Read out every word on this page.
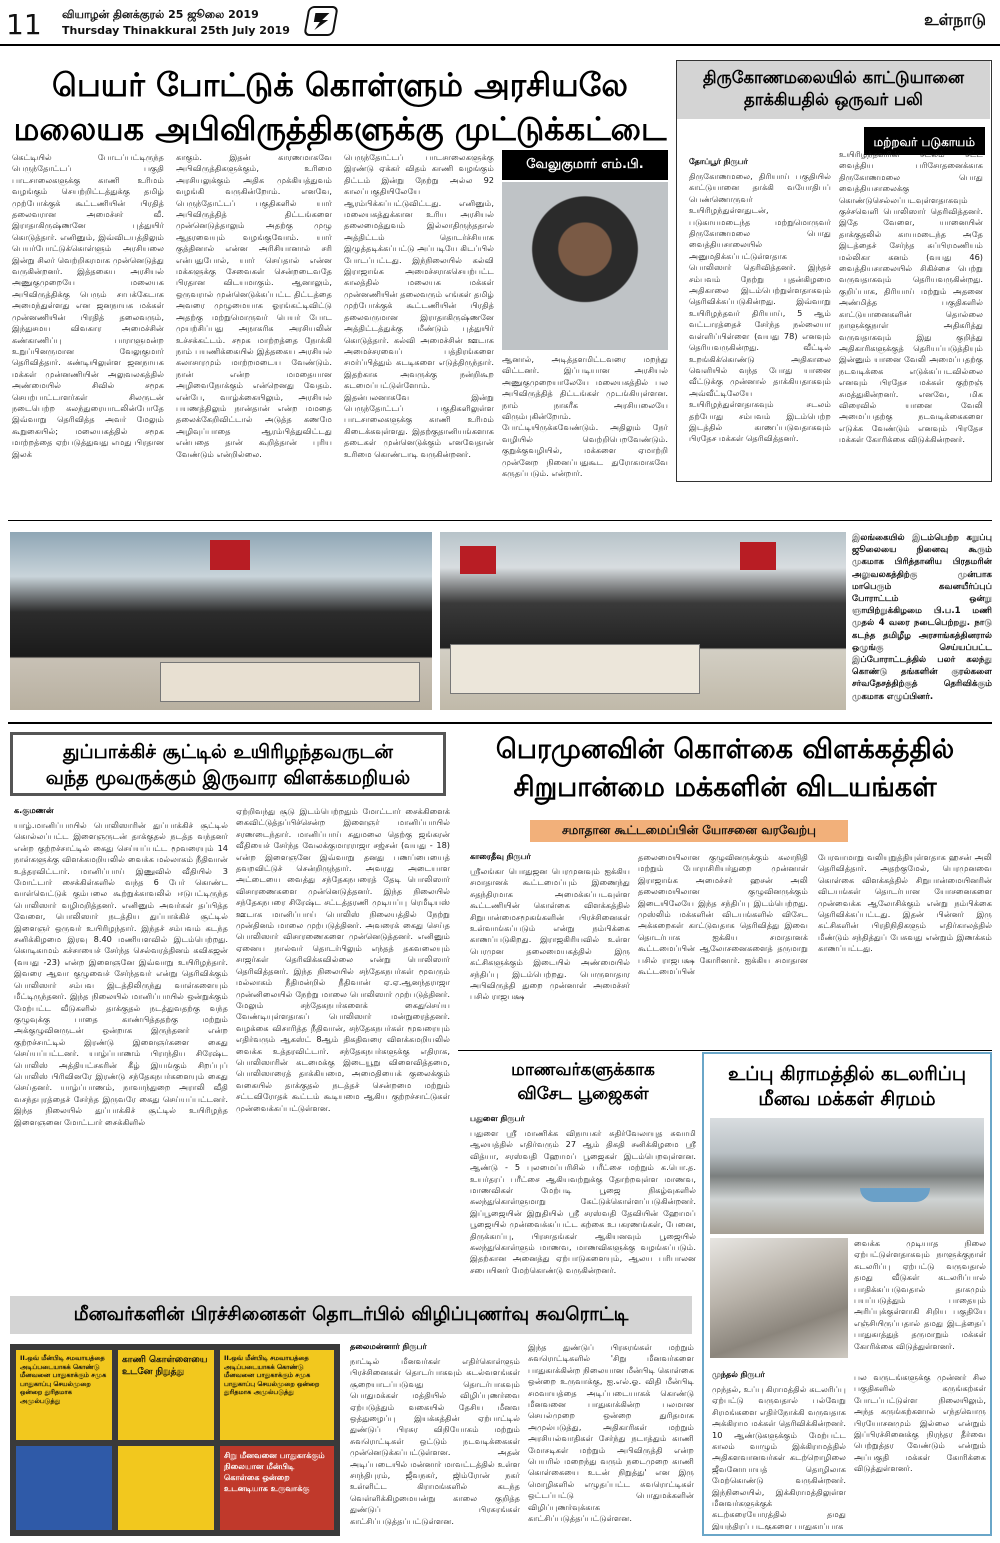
11 வியாழன் தினக்குரல் 25 ஜூலை 2019
Thursday Thinakkural 25th July 2019
உள்நாடு
பெயர் போட்டுக் கொள்ளும் அரசியலே
மலையக அபிவிருத்திகளுக்கு முட்டுக்கட்டை
கெட்டியில் போடப்பட்டிருந்த பெருந்தோட்டப் பகுதி பாடசாலைகளுக்கு காணி உரிமம் வழங்கும் செயற்றிட்டத்துக்கு தமிழ் முற்போக்குக் கூட்டணியின் பிரதித் தலைவரான அமைச்சர் வீ. இராதாகிருஷ்ணனே புத்துயிர் கொடுத்தார். எனினும், இவ்விடயத்திலும் பெயர்போட்டுக்கொள்ளும் அரசியலை இன்று சிலர் வெற்றிகரமாக முன்னெடுத்து வருகின்றனர். இத்தகைய அரசியல் அணுகுமுறையே மலையக அபிவிருத்திக்கு பெரும் சாபக்கேடாக அமைந்துள்ளது என ஜனநாயக மக்கள் முன்னணியின் பிரதித் தலைவரும், இந்துசமய விவகார அமைச்சின் கண்காணிப்பு பாராளுமன்ற உறுப்பினருமான வேலுகுமார் தெரிவித்தார். கண்டியிலுள்ள ஜனநாயக மக்கள் முன்னணியின் அலுவலகத்தில் அண்மையில் சிவில் சமூக செயற்பாட்டாளர்கள் சிலருடன் நடைபெற்ற கலந்துரையாடலின்போதே இவ்வாறு தெரிவித்த அவர் மேலும் கூறுகையில்; மலையகத்தில் சமூக மாற்றத்தை ஏற்படுத்துவது எமது பிரதான இலக்
காகும். இதன் காரணமாகவே அபிவிருத்திகளுக்கும், உரிமை அரசியலுக்கும் அதிக முக்கியத்துவம் வழங்கி வருகின்றோம். எனவே, பெருந்தோட்டப் பகுதிகளில் யார் அபிவிருத்தித் திட்டங்களை முன்னெடுத்தாலும் அதற்கு முழு ஆதரவையும் வழங்குவோம். யார் குத்தினால் என்ன அரிசியானால் சரி என்பதுபோல், யார் செய்தால் என்ன மக்களுக்கு சேவைகள் சென்றடைவதே பிரதான விடயமாகும். ஆனாலும், ஒருவரால் முன்னெடுக்கப்பட்ட திட்டத்தை அவரை முழுமையாக ஓரங்கட்டிவிட்டு அதற்கு மற்றுமொருவர் பெயர் போட முயற்சிப்பது அநாகரிக அரசியலின் உச்சக்கட்டம். சமூக மாற்றத்தை நோக்கி நாம் பயணிக்கையில் இத்தகைய அரசியல் கலாசாரமும் மாற்றமடைய வேண்டும். நான் என்ற மமதையான அழிவைநோக்கும் என்றெனது வேதம். என்பே, வாழ்க்கையிலும், அரசியல் பயணத்திலும் நான்தான் என்ற மமதை தலைக்கேறிவிட்டால் அடுத்த கணமே அழிவுப்பாதை ஆரம்பித்துவிட்டது என்பதை தான் கூறித்தான் புரிய வேண்டும் என்றில்லை.
பெருந்தோட்டப் பாடசாலைகளுக்கு இரண்டு ஏக்கர் விதம் காணி வழங்கும் திட்டம் இன்று நேற்று அல்ல 92 காலப்பகுதியிலேயே ஆரம்பிக்கப்பட்டுவிட்டது. எனினும், மலையகத்துக்கான உரிய அரசியல் தலைமைத்துவம் இல்லாதிருந்ததால் அத்திட்டம் தொடர்ச்சியாக இழுத்தடிக்கப்பட்டு அப்படியே கிடப்பில் போடப்பட்டது. இந்நிலையில் கல்வி இராஜாங்க அமைச்சராகசெயற்பட்ட காலத்தில் மலையக மக்கள் முன்னணியின் தலைவரும் எங்கள் தமிழ் முற்போக்குக் கூட்டணியின் பிரதித் தலைவருமான இராதாகிருஷ்ணனே அத்திட்டத்துக்கு மீண்டும் புத்துயிர் கொடுத்தார். கல்வி அமைச்சின் ஊடாக அமைச்சரவைப் பத்திரங்களை சமர்ப்பித்தும் கடடிகளை எடுத்திருந்தார். இதற்காக அவருக்கு நன்றிகூற கடமைப்பட்டுள்ளோம். இதன்பலனாகவே இன்று பெருந்தோட்டப் பகுதிகளிலுள்ள பாடசாலைகளுக்கு காணி உரிமம் கிடைக்கவுள்ளது. இதற்குதானியங்களாக தடைகள் முன்னெடுக்கும் எனவேதான் உரிமை கொண்டாடி வருகின்றனர்.
வேலுகுமார் எம்.பி.
ஆனால், அடித்தளமிட்டவரை மறந்து விட்டனர். இப்படியான அரசியல் அணுகுமுறையாலேயே மலையகத்தில் பல அபிவிருத்தித் திட்டங்கள் முடங்கியுள்ளன. நாம் நாகரீக அரசியலையே விரும்புகின்றோம். போட்டியிருக்கவேண்டும். அதிலும் நேர் வழியில் வெற்றிபெறவேண்டும். குறுக்குவழியில், மக்களை ஏமாற்றி முன்னேற நினைப்பதுகூட துரோகமாகவே கருதப்படும். என்றார்.
திருகோணமலையில் காட்டுயானை தாக்கியதில் ஒருவர் பலி
மற்றவர் படுகாயம்
தோப்பூர் நிருபர்
திருகோணமலை, திரியாய் பகுதியில் காட்டுயானை தாக்கி வயோதிபப் பெண்ணொருவர் உயிரிழந்துள்ளதுடன், படுகாயமடைந்த மற்றுமொருவர் திருகோணமலை பொது வைத்தியசாலையில் அனுமதிக்கப்பட்டுள்ளதாக பொலிஸார் தெரிவித்தனர். இந்தச் சம்பவம் நேற்று புதன்கிழமை அதிகாலை இடம்பெற்றுள்ளதாகவும் தெரிவிக்கப்படுகின்றது. இவ்வாறு உயிரிழந்தவர் திரியாய், 5 ஆம் வட்டாரத்தைச் சேர்ந்த நல்லையா வள்ளிப்பிள்ளை (வயது 78) எனவும் தெரியவருகின்றது. வீட்டில் உறங்கிக்கொண்டு அதிகாலை வெளியில் வந்த போது யானை வீட்டுக்கு முன்னால் தாக்கியதாகவும் அவ்வீட்டிலேயே உயிரிழந்துள்ளதாகவும் சடலம் தற்போது சம்பவம் இடம்பெற்ற இடத்தில் காணப்படுவதாகவும் பிரதேச மக்கள் தெரிவித்தனர்.
உயிரிழந்தவரின் சடலம் சட்ட வைத்திய பரிசோதனைக்காக திருகோணமலை பொது வைத்தியசாலைக்கு கொண்டுசெல்லப்படவுள்ளதாகவும் குச்சவெளி பொலிஸார் தெரிவித்தனர். இதே வேளை, யானையின் தாக்குதலில் காயமடைந்த அதே இடத்தைச் சேர்ந்த சுப்பிரமணியம் மல்லிகா கனம் (வயது 46) வைத்தியசாலையில் சிகிச்சை பெற்று வருவதாகவும் தெரியவருகின்றது. குறிப்பாக, திரியாய் மற்றும் அதனை அண்மித்த பகுதிகளில் காட்டுயானைகளின் தொல்லை நாளுக்குநாள் அதிகரித்து வருவதாகவும் இது குறித்து அதிகாரிகளுக்குத் தெரியப்படுத்தியும் இன்னும் யானை வேலி அமைப்பதற்கு நடவடிக்கை எடுக்கப்படவில்லை எனவும் பிரதேச மக்கள் குற்றஞ் சுமத்துகின்றனர். எனவே, மிக விரைவில் யானை வேலி அமைப்பதற்கு நடவடிக்கைகளை எடுக்க வேண்டும் எனவும் பிரதேச மக்கள் கோரிக்கை விடுக்கின்றனர்.
இலங்கையில் இடம்பெற்ற கறுப்பு ஜூலையை நினைவு கூரும் முகமாக பிரித்தானிய பிரதமரின் அலுவலகத்திற்கு முன்பாக மாபெரும் கவனயீர்ப்புப் போராட்டம் ஒன்று ஞாயிற்றுக்கிழமை பி.ப.1 மணி முதல் 4 வரை நடைபெற்றது. நாடு கடந்த தமிழீழ அரசாங்கத்தினரால் ஒழுங்கு செய்யப்பட்ட இப்போராட்டத்தில் பலர் கலந்து கொண்டு தங்களின் குரல்களை சர்வதேசத்திற்குத் தெரிவிக்கும் முகமாக எழுப்பினர்.
துப்பாக்கிச் சூட்டில் உயிரிழந்தவருடன்
வந்த மூவருக்கும் இருவார விளக்கமறியல்
க.குமணன்
யாழ்.மானிப்பாயில் பொலிஸாரின் துப்பாக்கிச் சூட்டில் கொல்லப்பட்ட இளைஞருடன் தாக்குதல் நடத்த வந்தனர் என்ற குற்றச்சாட்டில் கைது செய்யப்பட்ட மூவரையும் 14 நாள்களுக்கு விளக்கமறியலில் வைக்க மல்லாகம் நீதிவான் உத்தரவிட்டார். மானிப்பாய் இணுவில் வீதியில் 3 மோட்டார் சைக்கிள்களில் வந்த 6 பேர் கொண்ட வாள்வெட்டுக் கும்பலை கூற்றுக்காவலில் ஈடுபட்டிருந்த பொலிஸார் வழிமறித்தனர். எனினும் அவர்கள் தப்பித்த வேளை, பொலிஸார் நடத்திய துப்பாக்கிச் சூட்டில் இளைஞர் ஒருவர் உயிரிழந்தார். இந்தச் சம்பவம் கடந்த சனிக்கிழமை இரவு 8.40 மணியளவில் இடம்பெற்றது. கொடிகாமம் கச்சாயைச் சேர்ந்த செல்வரத்தினம் கவிகஜன் (வயது -23) என்ற இளைஞனே இவ்வாறு உயிரிழந்தார். இவரை ஆவா குழுவைச் சேர்ந்தவர் என்று தெரிவிக்கும் பொலிஸார் சம்பவ இடத்திலிருந்து வாள்களையும் மீட்டிருந்தனர். இந்த நிலையில் மானிப்பாயில் ஒன்றுக்கும் மேற்பட்ட வீடுகளில் தாக்குதல் நடத்துவதற்கு வந்த குழுவுக்கு பாதை காண்பித்ததற்கு மற்றும் அக்குழுவினருடன் ஒன்றாக இருந்தனர் என்ற குற்றச்சாட்டில் இரண்டு இளைஞர்களை கைது செய்யப்பட்டனர். யாழ்ப்பாணம் பிராந்திய சிரேஷ்ட பொலிஸ் அத்தியட்சகரின் கீழ் இயங்கும் சிறப்புப் பொலிஸ் பிரிவினரே இரண்டு சந்தேகநபர்களையும் கைது செய்தனர். யாழ்ப்பாணம், நாவாந்துறை அராலி வீதி வசந்தபுரத்தைச் சேர்ந்த இருவரே கைது செய்யப்பட்டனர். இந்த நிலையில் துப்பாக்கிச் சூட்டில் உயிரிழந்த இளைஞனை மோட்டார் சைக்கிளில்
ஏற்றிவந்து சூடு இடம்பெற்றதும் மோட்டார் சைக்கிளைக் கைவிட்டுத்தப்பிச்சென்ற இளைஞர் மானிப்பாயில் சரணடைந்தார். மானிப்பாய் சுதுமலை தெற்கு ஜங்கரன் வீதியைச் சேர்ந்த வேலக்குமாரராஜா சஜ்சன் (வயது - 18) என்ற இளைஞனே இவ்வாறு தனது பணப்பையைத் தவறவிட்டுச் சென்றிருந்தார். அவரது அடையாள அட்டையை வைத்து சந்தேகநபரைத் தேடி பொலிஸார் விசாரணைகளை முன்னெடுத்தனர். இந்த நிலையில் சந்தேகநபரை சிரேஷ்ட சட்டத்தரணி முடியப்பு ரெமீடியஸ் ஊடாக மானிப்பாய் பொலிஸ் நிலையத்தில் நேற்று முன்தினம் மாலை முற்படுத்தினர். அவரைக் கைது செய்த பொலிஸார் விசாரணைகளை முன்னெடுத்தனர். எனினும் ஏனைய நால்வர் தொடர்பிலும் எந்தத் தகவலையும் சாஜர்கள் தெரிவிக்கவில்லை என்று பொலிஸார் தெரிவித்தனர். இந்த நிலையில் சந்தேகநபர்கள் மூவரும் மல்லாகம் நீதிமன்றில் நீதிவான் ஏ.ஏ.ஆனந்தராஜா முன்னிலையில் நேற்று மாலை பொலிஸார் முற்படுத்தினர். மேலும் சந்தேகநபர்களைக் கைதுசெய்ய வேண்டியுள்ளதாகப் பொலிஸார் மன்றுரைத்தனர். வழக்கை விசாரித்த நீதிவான், சந்தேகநபர்கள் மூவரையும் எதிர்வரும் ஆகஸ்ட் 8ஆம் திகதிவரை விளக்கமறியலில் வைக்க உத்தரவிட்டார். சந்தேகநபர்களுக்கு எதிராக, பொலிஸாரின் கடமைக்கு இடையூறு விளைவித்தமை, பொலிஸாரைத் தாக்கியமை, அமைதியைக் குலைக்கும் வகையில் தாக்குதல் நடத்தச் சென்றமை மற்றும் சட்டவிரோதக் கூட்டம் கூடியமை ஆகிய குற்றச்சாட்டுகள் முன்வைக்கப்பட்டுள்ளன.
பெரமுனவின் கொள்கை விளக்கத்தில்
சிறுபான்மை மக்களின் விடயங்கள்
சமாதான கூட்டமைப்பின் யோசனை வரவேற்பு
காரைதீவு நிருபர்
ஸ்ரீலங்கா பொதுஜன பெரமுனவும் ஐக்கிய சமாதானக் கூட்டமைப்பும் இணைந்து சுதந்திரமாக அமைக்கப்படவுள்ள கூட்டணியின் கொள்கை விளக்கத்தில் சிறுபான்மைசமூகங்களின் பிரச்சினைகள் உள்வாங்கப்படும் என்று நம்பிக்கை காணப்படுகிறது. இராஜகிரியவில் உள்ள பெரமுன தலைமையகத்தில் இரு கட்சிகளுக்கும் இடையில் அண்மையில் சந்திப்பு இடம்பெற்றது. பொருளாதார அபிவிருத்தி துறை முன்னாள் அமைச்சர் பசில் ராஜபக்ஷ
தலைமையிலான குழுவினருக்கும் கலாநிதி மற்றும் போராசிரியர்துறை முன்னாள் இராஜாங்க அமைச்சர் ஹசன் அலி தலைமையிலான குழுவினருக்கும் இடையிலேயே இந்த சந்திப்பு இடம்பெற்றது. முஸ்லிம் மக்களின் விடயங்களில் விசேட அக்கறைகள் காட்டுவதாக தெரிவித்து இவை தொடர்பாக ஐக்கிய சமாதானக் கூட்டமைப்பின் ஆலோசனைகளைத் தருமாறு பசில் ராஜபக்ஷ கோரினார். ஐக்கிய சமாதான கூட்டமைப்பின்
பேரவாமாறு வலியுறுத்தியுள்ளதாக ஹசன் அலி தெரிவித்தார். அதற்குமேல், பெரமுனவை கொள்கை விளக்கத்தில் சிறுபான்மையினரின் விடயங்கள் தொடர்பான யோசனைகளை முன்வைக்க ஆலோசிக்கும் என்று நம்பிக்கை தெரிவிக்கப்பட்டது. இதன் பின்னர் இரு கட்சிகளின் பிரதிநிதிகளும் எதிர்காலத்தில் மீண்டும் சந்தித்துப் பேசுவது என்றும் இணக்கம் காணப்பட்டது.
மாணவர்களுக்காக
விசேட பூஜைகள்
பதுளை நிருபர்
பதுளை ஸ்ரீ மாணிக்க விநாயகர் சுதிர்வேலாயுத சுவாமி ஆலயத்தில் எதிர்வரும் 27 ஆம் திகதி சனிக்கிழமை ஸ்ரீ வித்யா, சரஸ்வதி ஹோமப் பூஜைகள் இடம்பெறவுள்ளன. ஆண்டு - 5 புலமைப்பரிசில் பரீட்சை மற்றும் க.பொ.த. உயர்தரப் பரீட்சை ஆகியவற்றுக்கு தோற்றவுள்ள மாணவ, மாணவிகள் மேற்படி பூஜை நிகழ்வுகளில் கலந்துகொள்ளுமாறு கேட்டுக்கொள்ளப்படுகின்றனர். இப்பூஜையின் இறுதியில் ஸ்ரீ சரஸ்வதி தேவியின் ஹோமப் பூஜையில் முன்வைக்கப்பட்ட கற்கை உபகரணங்கள், பேனை, திருக்காப்பு, பிரசாதங்கள் ஆகியனவும் பூஜையில் கலந்துகொள்ளும் மாணவ, மாணவிகளுக்கு வழங்கப்படும். இதற்கான அனைத்து ஏற்பாடுகளையும், ஆலய பரிபாலன சபையினர் மேற்கொண்டு வருகின்றனர்.
உப்பு கிராமத்தில் கடலரிப்பு
மீனவ மக்கள் சிரமம்
வைக்க முடியாத நிலை ஏற்பட்டுள்ளதாகவும் நாளுக்குநாள் கடலரிப்பு ஏற்பட்டு வருவதால் தமது வீடுகள் கடலரிப்பால் பாதிக்கப்படுவதால் தாகமும் பயப்படுத்தும் பாதையும் அரிப்புக்குள்ளாகி சிறிய பகுதியே எஞ்சியிருப்பதால் தமது இடத்தைப் பாதுகாத்துத் தருமாறும் மக்கள் கோரிக்கை விடுத்துள்ளனர்.
முந்தல் நிருபர்
முந்தல், உப்பு கிராமத்தில் கடலரிப்பு ஏற்பட்டு வருவதால் பல்வேறு சிரமங்களை எதிர்நோக்கி வருவதாக அக்கிராம மக்கள் தெரிவிக்கின்றனர். 10 ஆண்டுகளுக்கும் மேற்பட்ட காலம் வாழும் இக்கிராமத்தில் அதிகளவானவர்கள் கடற்றொழிலை ஜீவனோபாயத் தொழிலாக மேற்கொண்டு வருகின்றனர். இந்நிலையில், இக்கிராமத்திலுள்ள மீனவர்களுக்குக் கடற்கரையோரத்தில் தமது இயந்திரப் படகுகளை பாதுகாப்பாக
பல வருடங்களுக்கு முன்னர் சில பகுதிகளில் கருங்கற்கள் போடப்பட்டுள்ள நிலையிலும், அந்த கருங்கற்களால் எந்தவொரு பிரயோசனமும் இல்லை என்றும் இப்பிரச்சினைக்கு நிரந்தர தீர்வை பெற்றுத்தர வேண்டும் என்றும் அப்பகுதி மக்கள் கோரிக்கை விடுத்துள்ளனர்.
மீனவர்களின் பிரச்சினைகள் தொடர்பில் விழிப்புணர்வு சுவரொட்டி
II.ஒவ் மீன்பிடி சமவாயத்தை அடிப்படையாகக் கொண்டு மீனவனை பாதுகாக்கும் சமுக பாதுகாப்பு செயல்முறை ஒன்றை துரிதமாக அமுல்படுத்து
காணி கொள்ளையை உடனே நிறுத்து
II.ஒவ் மீன்பிடி சமவாயத்தை அடிப்படையாகக் கொண்டு மீனவனை பாதுகாக்கும் சமுக பாதுகாப்பு செயல்முறை ஒன்றை துரிதமாக அமுல்படுத்து
சிறு மீனவனை பாதுகாக்கும் நிலையான மீன்பிடி கொள்கை ஒன்றை உடனடியாக உருவாக்கு
நாட்டில் மீனவர்கள் எதிர்கொள்ளும் பிரச்சினைகள் தொடர்பாகவும் கடல்வளங்கள் சூறையாடப்படுவது தொடர்பாகவும் பொதுமக்கள் மத்தியில் விழிப்புணர்வை ஏற்படுத்தும் வகையில் தேசிய மீனவ ஒத்துழைப்பு இயக்கத்தின் ஏற்பாட்டில் துண்டுப் பிரசுர விநியோகம் மற்றும் சுவரொட்டிகள் ஒட்டும் நடவடிக்கைகள் முன்னெடுக்கப்பட்டுள்ளன. அதன் அடிப்படையில் மன்னார் மாவட்டத்தில் உள்ள சாந்திபுரம், ஜீவநகர், ஜிம்ரோன் நகர் உள்ளிட்ட கிராமங்களில் கடந்த வெள்ளிக்கிழமையன்று காலை குறித்த துண்டுப் பிரசுரங்கள் காட்சிப்படுத்தப்பட்டுள்ளன.
தலைமன்னார் நிருபர்	இந்த துண்டுப் பிரசுரங்கள் மற்றும் சுவரொட்டிகளில் 'சிறு மீனவர்களை பாதுகாக்கின்ற நிலையான மீன்பிடி கொள்கை ஒன்றை உருவாக்கு, ஐ.எல்.ஓ. விதி மீன்பிடி சமவாயத்தை அடிப்படையாகக் கொண்டு மீனவனை பாதுகாக்கின்ற பலமான செயல்முறை ஒன்றை துரிதமாக அமுல்படுத்து, அதிகாரிகள் மற்றும் அரசியல்வாதிகள் சேர்ந்து நடாத்தும் காணி மோசடிகள் மற்றும் அபிவிருத்தி என்ற பெயரில் மறைந்து வரும் நடைமுறை காணி கொள்கையை உடன் நிறுத்து' என இரு மொழிகளில் எழுதப்பட்ட சுவரொட்டிகள் ஒட்டப்பட்டு பொதுமக்களின் விழிப்புணர்வுக்காக காட்சிப்படுத்தப்பட்டுள்ளன.
